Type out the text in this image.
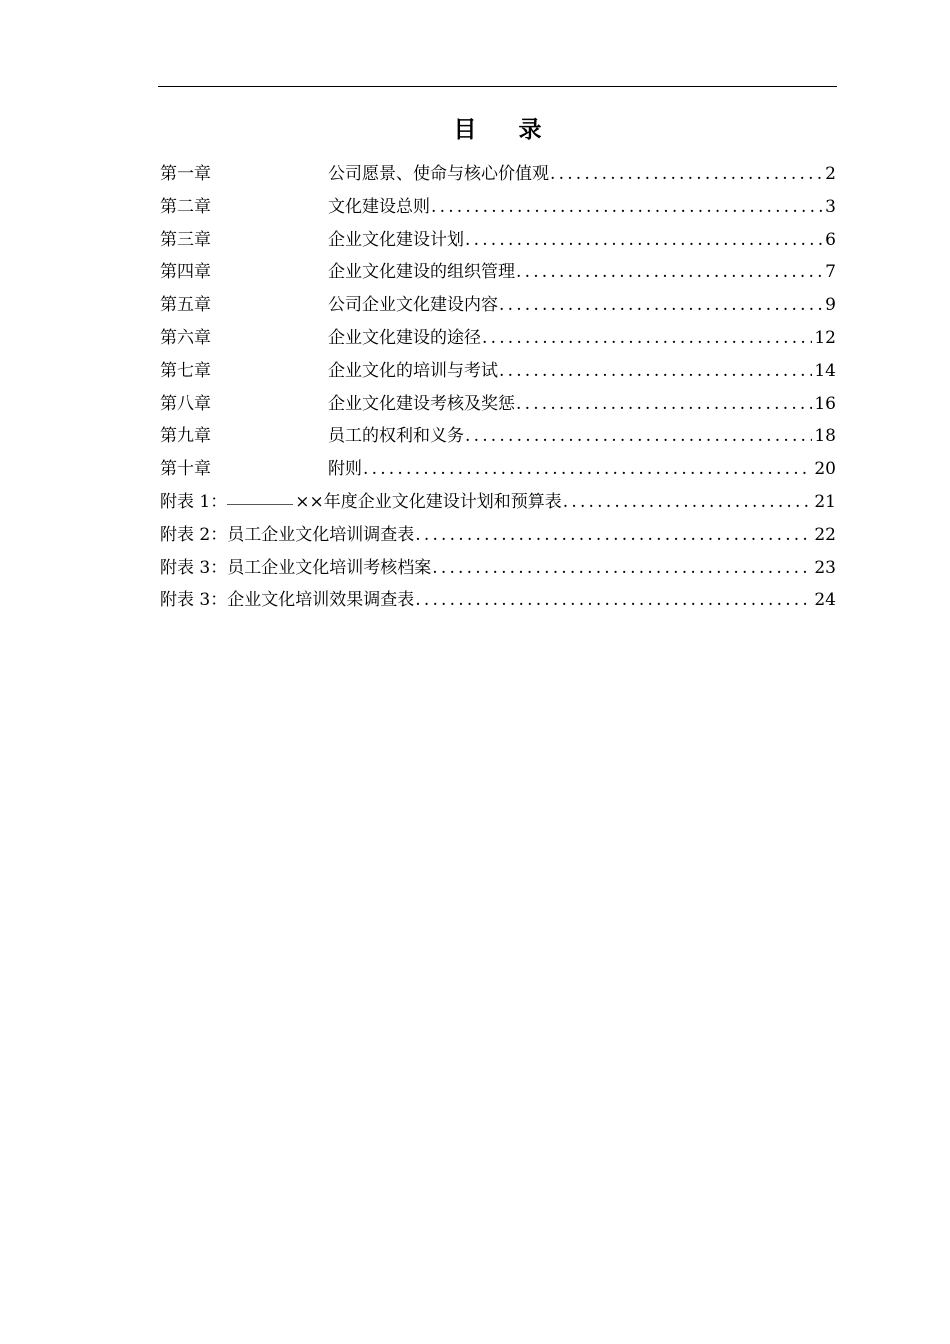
目录
第一章	公司愿景、使命与核心价值观 .....	2
第二章	文化建设总则 .....	3
第三章	企业文化建设计划 .....	6
第四章	企业文化建设的组织管理 .....	7
第五章	公司企业文化建设内容 .....	9
第六章	企业文化建设的途径 .....	12
第七章	企业文化的培训与考试 .....	14
第八章	企业文化建设考核及奖惩 .....	16
第九章	员工的权利和义务 .....	18
第十章	附则 .....	20
附表 1：	××年度企业文化建设计划和预算表 .....	21
附表 2： 员工企业文化培训调查表 .....	22
附表 3： 员工企业文化培训考核档案 .....	23
附表 3： 企业文化培训效果调查表 .....	24
